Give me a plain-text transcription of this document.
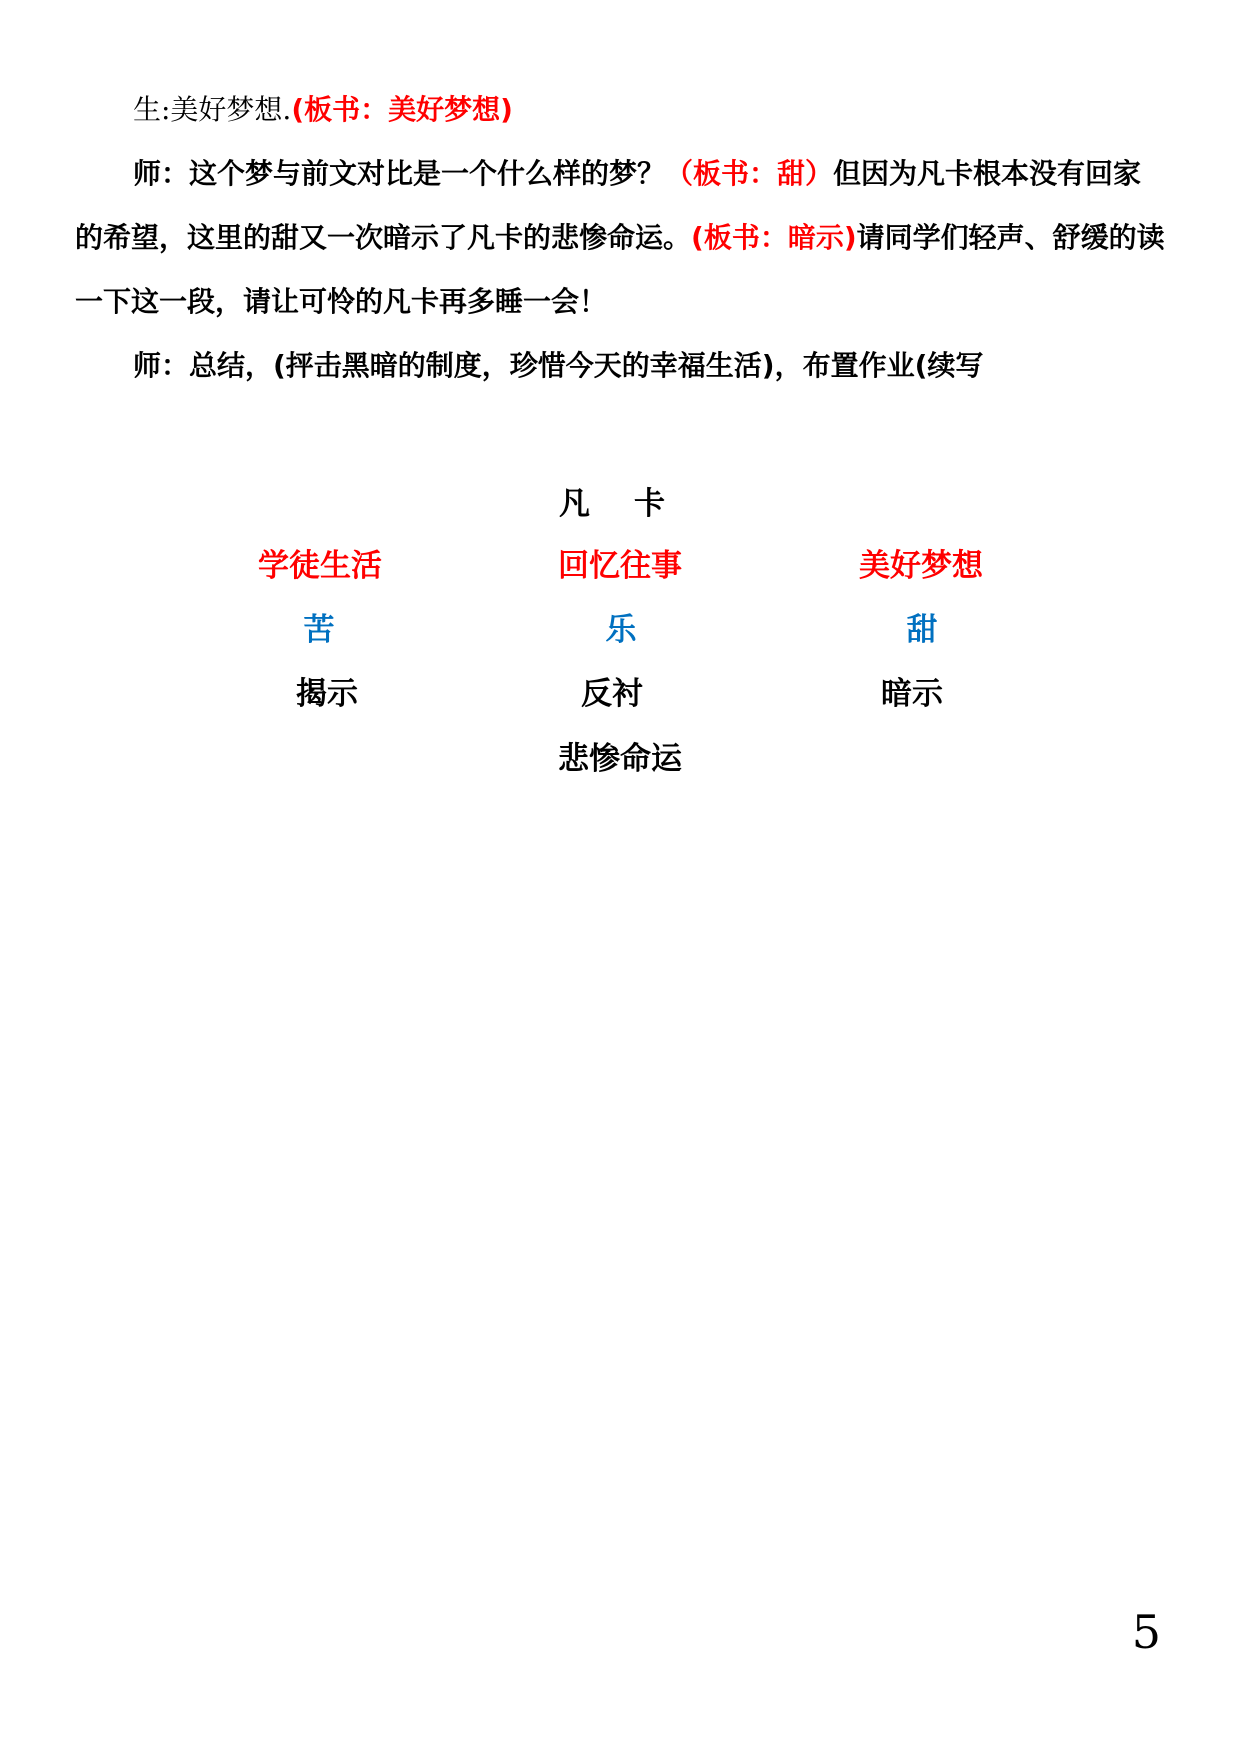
生:美好梦想.(板书：美好梦想)

师：这个梦与前文对比是一个什么样的梦？（板书：甜）但因为凡卡根本没有回家的希望，这里的甜又一次暗示了凡卡的悲惨命运。(板书：暗示)请同学们轻声、舒缓的读一下这一段，请让可怜的凡卡再多睡一会！

师：总结，(抨击黑暗的制度，珍惜今天的幸福生活)，布置作业(续写

凡卡
学徒生活	回忆往事	美好梦想
苦	乐	甜
揭示	反衬	暗示
悲惨命运
5
